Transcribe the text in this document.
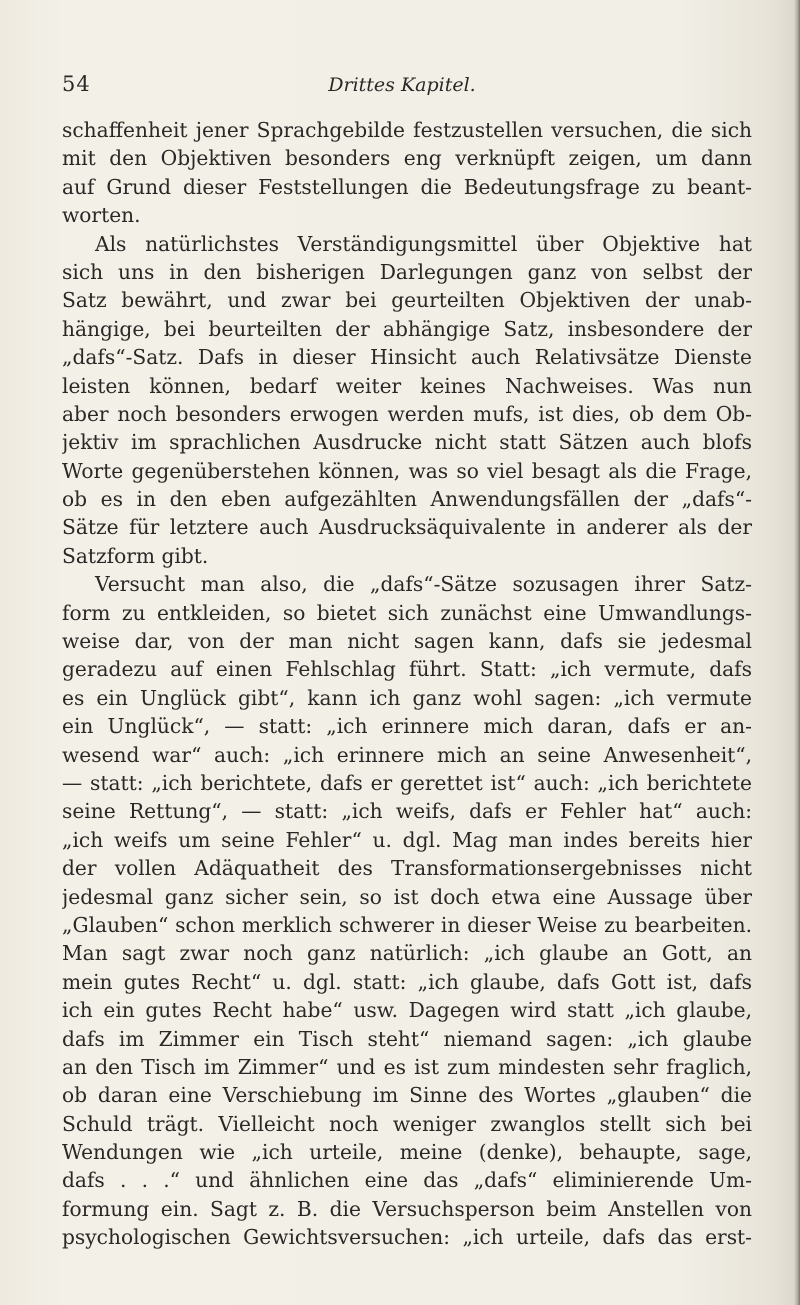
54	Drittes Kapitel.
schaffenheit jener Sprachgebilde festzustellen versuchen, die sich
mit den Objektiven besonders eng verknüpft zeigen, um dann
auf Grund dieser Feststellungen die Bedeutungsfrage zu beant-
worten.
Als natürlichstes Verständigungsmittel über Objektive hat
sich uns in den bisherigen Darlegungen ganz von selbst der
Satz bewährt, und zwar bei geurteilten Objektiven der unab-
hängige, bei beurteilten der abhängige Satz, insbesondere der
„dafs“-Satz. Dafs in dieser Hinsicht auch Relativsätze Dienste
leisten können, bedarf weiter keines Nachweises. Was nun
aber noch besonders erwogen werden mufs, ist dies, ob dem Ob-
jektiv im sprachlichen Ausdrucke nicht statt Sätzen auch blofs
Worte gegenüberstehen können, was so viel besagt als die Frage,
ob es in den eben aufgezählten Anwendungsfällen der „dafs“-
Sätze für letztere auch Ausdrucksäquivalente in anderer als der
Satzform gibt.
Versucht man also, die „dafs“-Sätze sozusagen ihrer Satz-
form zu entkleiden, so bietet sich zunächst eine Umwandlungs-
weise dar, von der man nicht sagen kann, dafs sie jedesmal
geradezu auf einen Fehlschlag führt. Statt: „ich vermute, dafs
es ein Unglück gibt“, kann ich ganz wohl sagen: „ich vermute
ein Unglück“, — statt: „ich erinnere mich daran, dafs er an-
wesend war“ auch: „ich erinnere mich an seine Anwesenheit“,
— statt: „ich berichtete, dafs er gerettet ist“ auch: „ich berichtete
seine Rettung“, — statt: „ich weifs, dafs er Fehler hat“ auch:
„ich weifs um seine Fehler“ u. dgl. Mag man indes bereits hier
der vollen Adäquatheit des Transformationsergebnisses nicht
jedesmal ganz sicher sein, so ist doch etwa eine Aussage über
„Glauben“ schon merklich schwerer in dieser Weise zu bearbeiten.
Man sagt zwar noch ganz natürlich: „ich glaube an Gott, an
mein gutes Recht“ u. dgl. statt: „ich glaube, dafs Gott ist, dafs
ich ein gutes Recht habe“ usw. Dagegen wird statt „ich glaube,
dafs im Zimmer ein Tisch steht“ niemand sagen: „ich glaube
an den Tisch im Zimmer“ und es ist zum mindesten sehr fraglich,
ob daran eine Verschiebung im Sinne des Wortes „glauben“ die
Schuld trägt. Vielleicht noch weniger zwanglos stellt sich bei
Wendungen wie „ich urteile, meine (denke), behaupte, sage,
dafs . . .“ und ähnlichen eine das „dafs“ eliminierende Um-
formung ein. Sagt z. B. die Versuchsperson beim Anstellen von
psychologischen Gewichtsversuchen: „ich urteile, dafs das erst-
